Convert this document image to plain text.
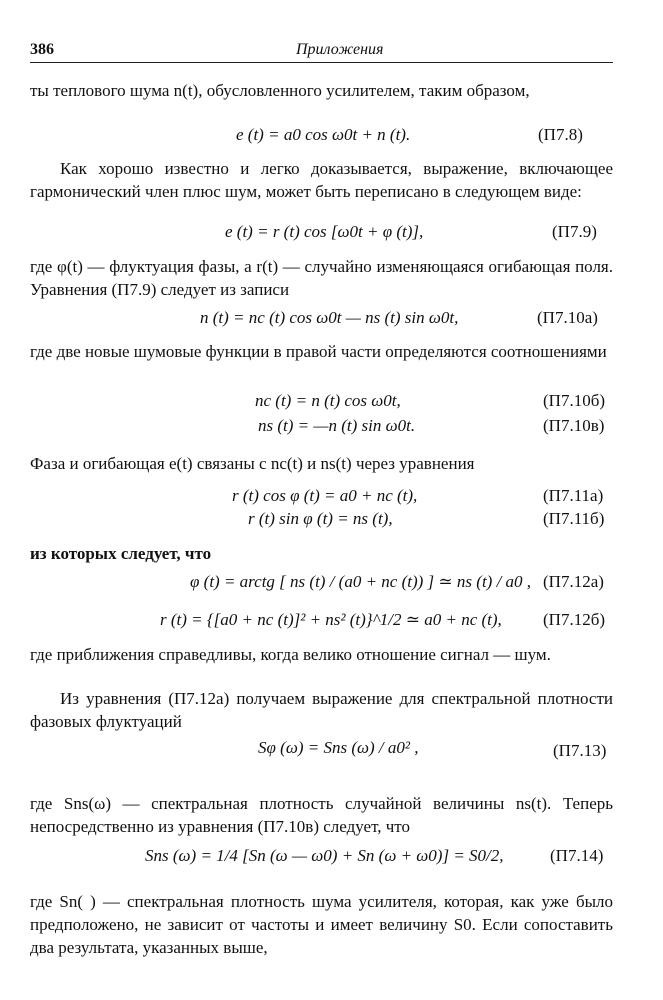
386	Приложения

ты теплового шума n(t), обусловленного усилителем, таким образом,

e (t) = a0 cos ω0t + n (t).	(П7.8)

Как хорошо известно и легко доказывается, выражение, включающее гармонический член плюс шум, может быть переписано в следующем виде:

e (t) = r (t) cos [ω0t + φ (t)],	(П7.9)

где φ(t) — флуктуация фазы, а r(t) — случайно изменяющаяся огибающая поля. Уравнения (П7.9) следует из записи

n (t) = nc (t) cos ω0t — ns (t) sin ω0t,	(П7.10а)

где две новые шумовые функции в правой части определяются соотношениями

nc (t) = n (t) cos ω0t,	(П7.10б)
ns (t) = —n (t) sin ω0t.	(П7.10в)

Фаза и огибающая e(t) связаны с nc(t) и ns(t) через уравнения

r (t) cos φ (t) = a0 + nc (t),	(П7.11а)
r (t) sin φ (t) = ns (t),	(П7.11б)

из которых следует, что

φ (t) = arctg [ ns (t) / (a0 + nc (t)) ] ≃ ns (t) / a0 , (П7.12а)
r (t) = {[a0 + nc (t)]² + ns² (t)}^1/2 ≃ a0 + nc (t), (П7.12б)

где приближения справедливы, когда велико отношение сигнал — шум.

Из уравнения (П7.12а) получаем выражение для спектральной плотности фазовых флуктуаций

Sφ (ω) = Sns (ω) / a0² ,	(П7.13)

где Sns(ω) — спектральная плотность случайной величины ns(t). Теперь непосредственно из уравнения (П7.10в) следует, что

Sns (ω) = 1/4 [Sn (ω — ω0) + Sn (ω + ω0)] = S0/2,	(П7.14)

где Sn( ) — спектральная плотность шума усилителя, которая, как уже было предположено, не зависит от частоты и имеет величину S0. Если сопоставить два результата, указанных выше,
